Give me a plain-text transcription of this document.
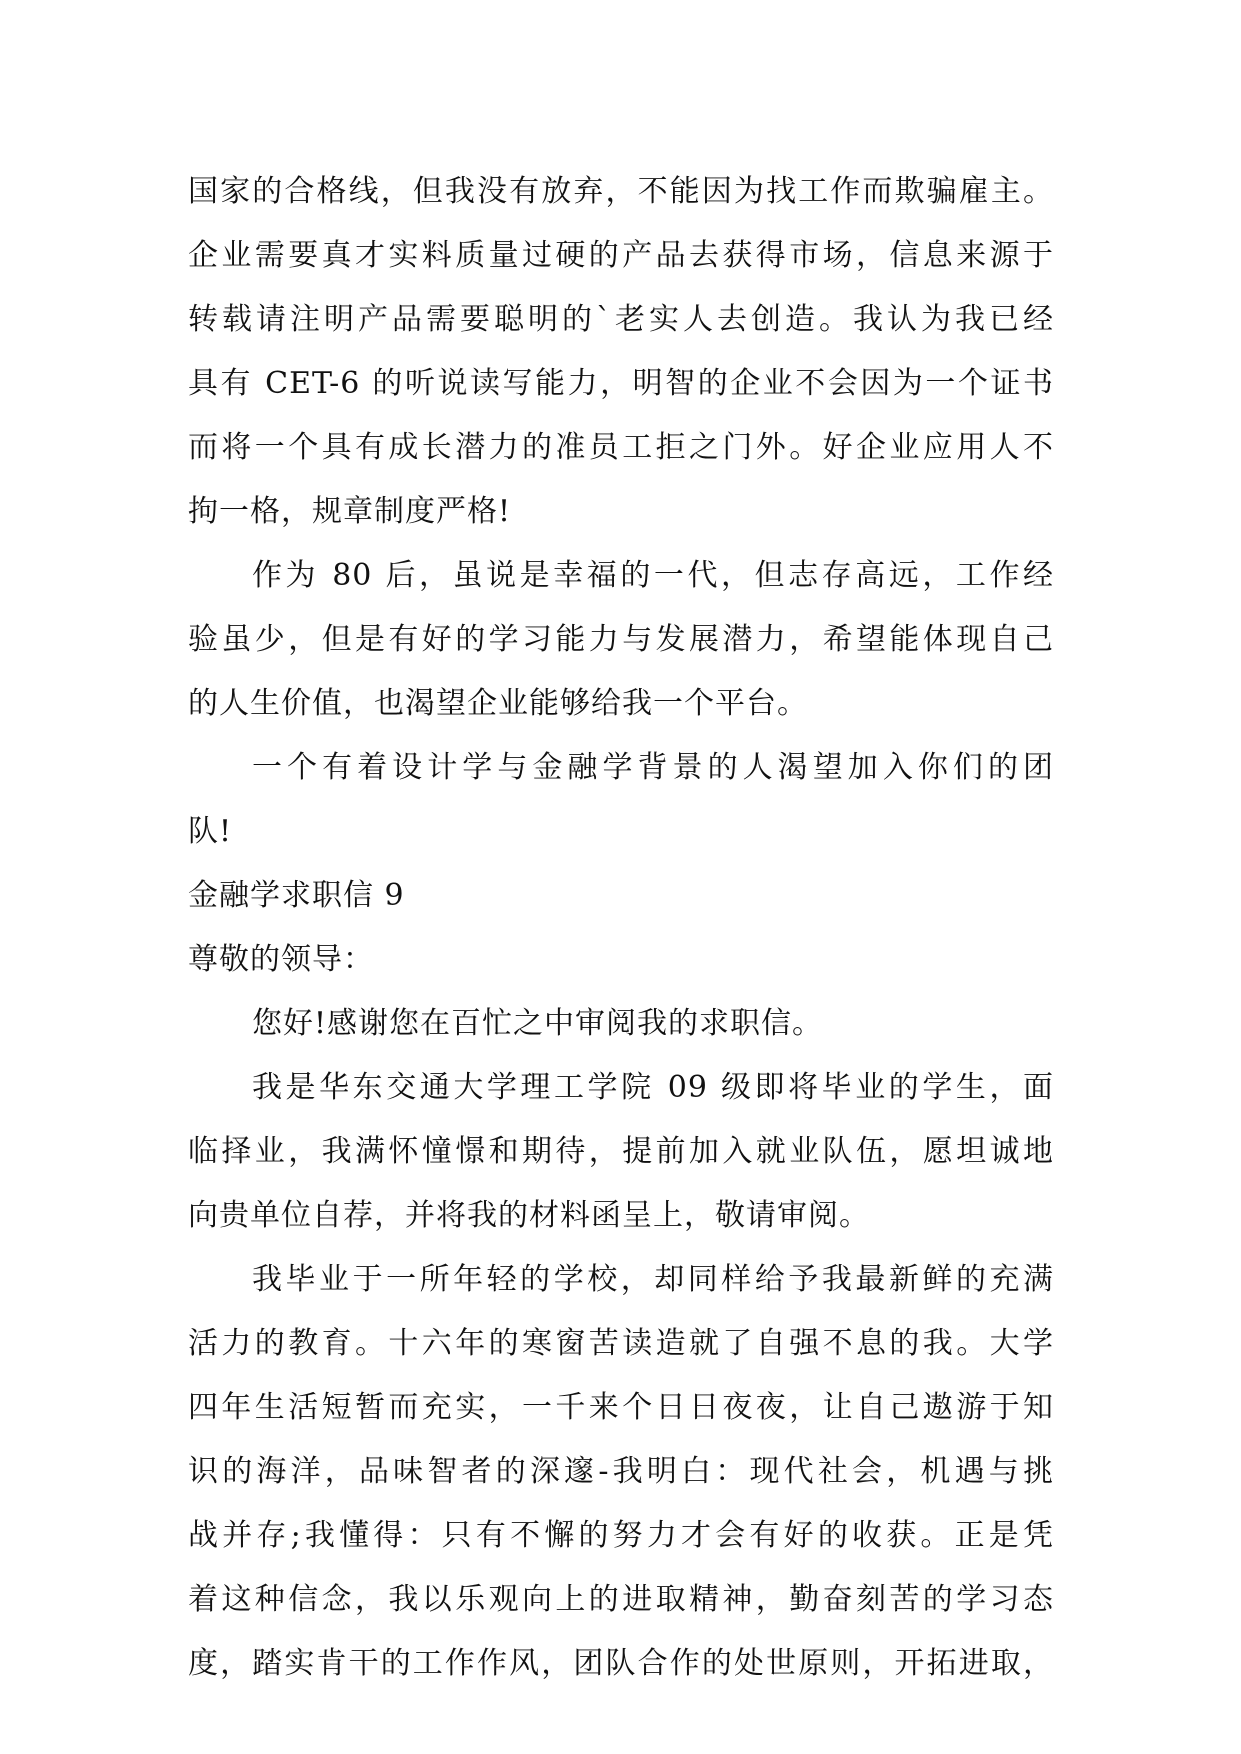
国家的合格线，但我没有放弃，不能因为找工作而欺骗雇主。
企业需要真才实料质量过硬的产品去获得市场，信息来源于
转载请注明产品需要聪明的`老实人去创造。我认为我已经
具有 CET-6 的听说读写能力，明智的企业不会因为一个证书
而将一个具有成长潜力的准员工拒之门外。好企业应用人不
拘一格，规章制度严格!

作为 80 后，虽说是幸福的一代，但志存高远，工作经
验虽少，但是有好的学习能力与发展潜力，希望能体现自己
的人生价值，也渴望企业能够给我一个平台。

一个有着设计学与金融学背景的人渴望加入你们的团
队!

金融学求职信 9

尊敬的领导：

您好!感谢您在百忙之中审阅我的求职信。

我是华东交通大学理工学院 09 级即将毕业的学生，面
临择业，我满怀憧憬和期待，提前加入就业队伍，愿坦诚地
向贵单位自荐，并将我的材料函呈上，敬请审阅。

我毕业于一所年轻的学校，却同样给予我最新鲜的充满
活力的教育。十六年的寒窗苦读造就了自强不息的我。大学
四年生活短暂而充实，一千来个日日夜夜，让自己遨游于知
识的海洋，品味智者的深邃-我明白：现代社会，机遇与挑
战并存;我懂得：只有不懈的努力才会有好的收获。正是凭
着这种信念，我以乐观向上的进取精神，勤奋刻苦的学习态
度，踏实肯干的工作作风，团队合作的处世原则，开拓进取，
